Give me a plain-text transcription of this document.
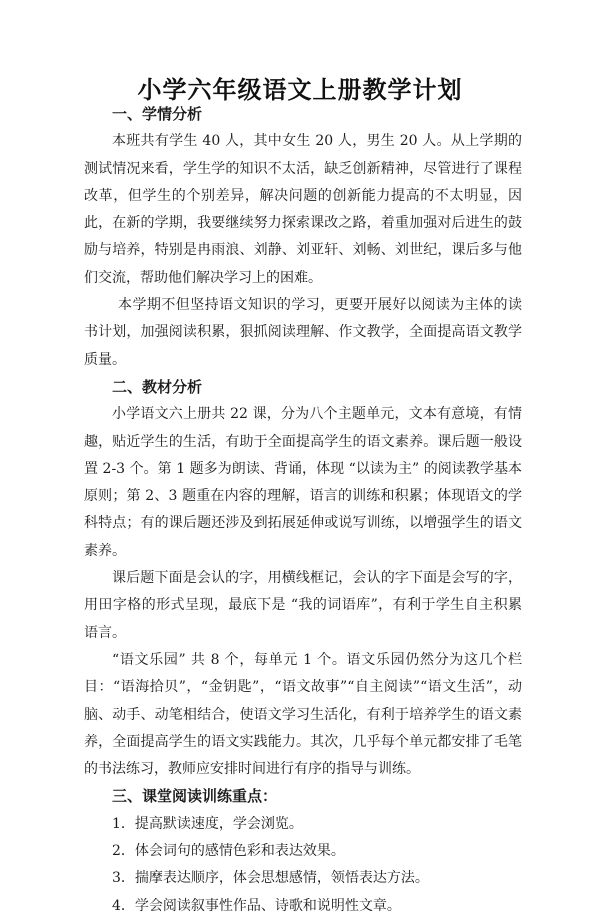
小学六年级语文上册教学计划

一、学情分析

本班共有学生 40 人，其中女生 20 人，男生 20 人。从上学期的测试情况来看，学生学的知识不太活，缺乏创新精神，尽管进行了课程改革，但学生的个别差异，解决问题的创新能力提高的不太明显，因此，在新的学期，我要继续努力探索课改之路，着重加强对后进生的鼓励与培养，特别是冉雨浪、刘静、刘亚轩、刘畅、刘世纪，课后多与他们交流，帮助他们解决学习上的困难。

本学期不但坚持语文知识的学习，更要开展好以阅读为主体的读书计划，加强阅读积累，狠抓阅读理解、作文教学，全面提高语文教学质量。

二、教材分析

小学语文六上册共 22 课，分为八个主题单元，文本有意境，有情趣，贴近学生的生活，有助于全面提高学生的语文素养。课后题一般设置 2-3 个。第 1 题多为朗读、背诵，体现 “以读为主” 的阅读教学基本原则；第 2、3 题重在内容的理解，语言的训练和积累；体现语文的学科特点；有的课后题还涉及到拓展延伸或说写训练，以增强学生的语文素养。

课后题下面是会认的字，用横线框记，会认的字下面是会写的字，用田字格的形式呈现，最底下是 “我的词语库”，有利于学生自主积累语言。

“语文乐园” 共 8 个，每单元 1 个。语文乐园仍然分为这几个栏目：“语海拾贝”，“金钥匙”，“语文故事”“自主阅读”“语文生活”，动脑、动手、动笔相结合，使语文学习生活化，有利于培养学生的语文素养，全面提高学生的语文实践能力。其次，几乎每个单元都安排了毛笔的书法练习，教师应安排时间进行有序的指导与训练。

三、课堂阅读训练重点：

1．提高默读速度，学会浏览。

2．体会词句的感情色彩和表达效果。

3．揣摩表达顺序，体会思想感情，领悟表达方法。

4．学会阅读叙事性作品、诗歌和说明性文章。
